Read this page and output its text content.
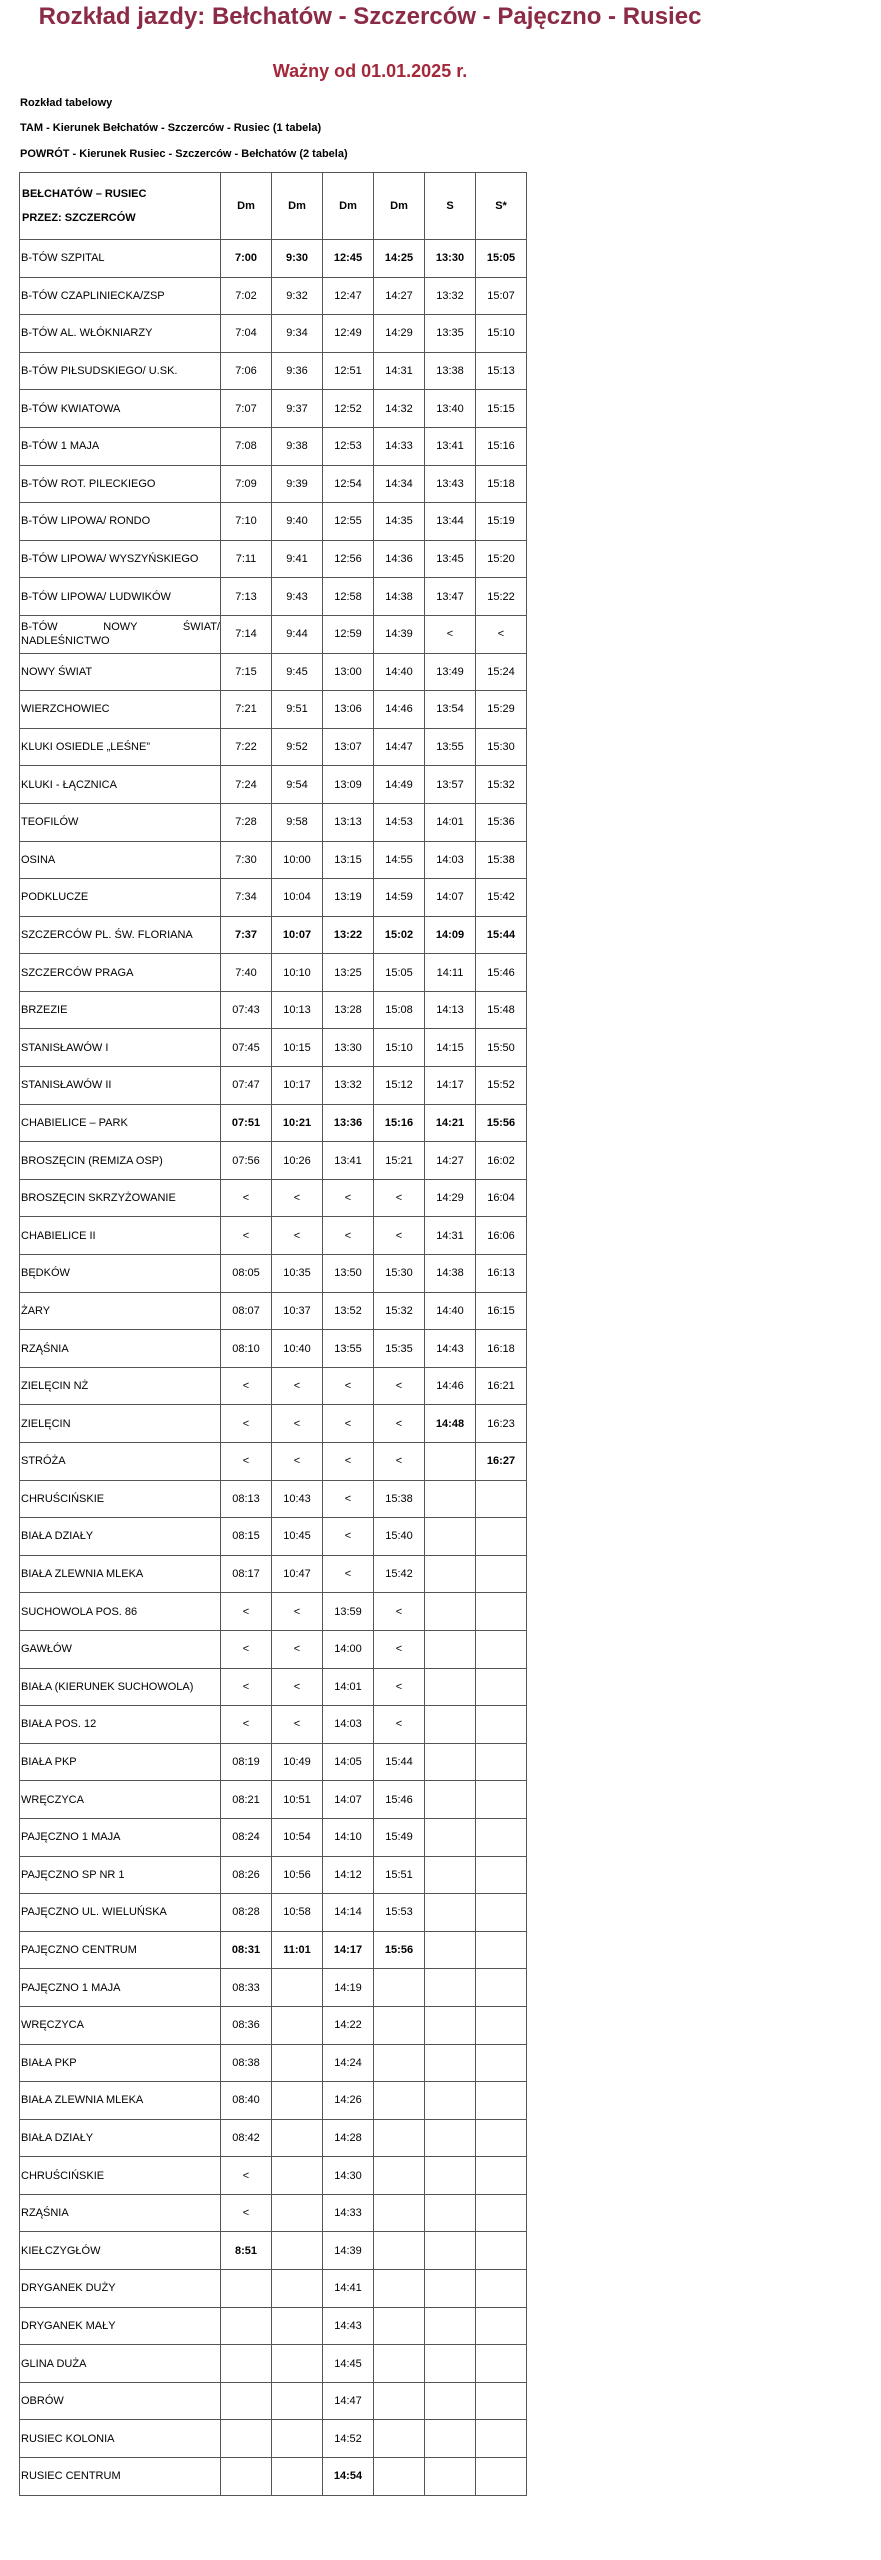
Rozkład jazdy: Bełchatów - Szczerców - Pajęczno - Rusiec
Ważny od 01.01.2025 r.
Rozkład tabelowy
TAM - Kierunek Bełchatów - Szczerców - Rusiec (1 tabela)
POWRÓT - Kierunek Rusiec - Szczerców - Bełchatów (2 tabela)
BEŁCHATÓW – RUSIEC
PRZEZ: SZCZERCÓW	Dm	Dm	Dm	Dm	S	S*
B-TÓW SZPITAL	7:00	9:30	12:45	14:25	13:30	15:05
B-TÓW CZAPLINIECKA/ZSP	7:02	9:32	12:47	14:27	13:32	15:07
B-TÓW AL. WŁÓKNIARZY	7:04	9:34	12:49	14:29	13:35	15:10
B-TÓW PIŁSUDSKIEGO/ U.SK.	7:06	9:36	12:51	14:31	13:38	15:13
B-TÓW KWIATOWA	7:07	9:37	12:52	14:32	13:40	15:15
B-TÓW 1 MAJA	7:08	9:38	12:53	14:33	13:41	15:16
B-TÓW ROT. PILECKIEGO	7:09	9:39	12:54	14:34	13:43	15:18
B-TÓW LIPOWA/ RONDO	7:10	9:40	12:55	14:35	13:44	15:19
B-TÓW LIPOWA/ WYSZYŃSKIEGO	7:11	9:41	12:56	14:36	13:45	15:20
B-TÓW LIPOWA/ LUDWIKÓW	7:13	9:43	12:58	14:38	13:47	15:22
B-TÓW NOWY ŚWIAT/ NADLEŚNICTWO	7:14	9:44	12:59	14:39	<	<
NOWY ŚWIAT	7:15	9:45	13:00	14:40	13:49	15:24
WIERZCHOWIEC	7:21	9:51	13:06	14:46	13:54	15:29
KLUKI OSIEDLE „LEŚNE”	7:22	9:52	13:07	14:47	13:55	15:30
KLUKI - ŁĄCZNICA	7:24	9:54	13:09	14:49	13:57	15:32
TEOFILÓW	7:28	9:58	13:13	14:53	14:01	15:36
OSINA	7:30	10:00	13:15	14:55	14:03	15:38
PODKLUCZE	7:34	10:04	13:19	14:59	14:07	15:42
SZCZERCÓW PL. ŚW. FLORIANA	7:37	10:07	13:22	15:02	14:09	15:44
SZCZERCÓW PRAGA	7:40	10:10	13:25	15:05	14:11	15:46
BRZEZIE	07:43	10:13	13:28	15:08	14:13	15:48
STANISŁAWÓW I	07:45	10:15	13:30	15:10	14:15	15:50
STANISŁAWÓW II	07:47	10:17	13:32	15:12	14:17	15:52
CHABIELICE – PARK	07:51	10:21	13:36	15:16	14:21	15:56
BROSZĘCIN (REMIZA OSP)	07:56	10:26	13:41	15:21	14:27	16:02
BROSZĘCIN SKRZYŻOWANIE	<	<	<	<	14:29	16:04
CHABIELICE II	<	<	<	<	14:31	16:06
BĘDKÓW	08:05	10:35	13:50	15:30	14:38	16:13
ŻARY	08:07	10:37	13:52	15:32	14:40	16:15
RZĄŚNIA	08:10	10:40	13:55	15:35	14:43	16:18
ZIELĘCIN NŻ	<	<	<	<	14:46	16:21
ZIELĘCIN	<	<	<	<	14:48	16:23
STRÓŻA	<	<	<	<		16:27
CHRUŚCIŃSKIE	08:13	10:43	<	15:38		
BIAŁA DZIAŁY	08:15	10:45	<	15:40		
BIAŁA ZLEWNIA MLEKA	08:17	10:47	<	15:42		
SUCHOWOLA POS. 86	<	<	13:59	<		
GAWŁÓW	<	<	14:00	<		
BIAŁA (KIERUNEK SUCHOWOLA)	<	<	14:01	<		
BIAŁA POS. 12	<	<	14:03	<		
BIAŁA PKP	08:19	10:49	14:05	15:44		
WRĘCZYCA	08:21	10:51	14:07	15:46		
PAJĘCZNO 1 MAJA	08:24	10:54	14:10	15:49		
PAJĘCZNO SP NR 1	08:26	10:56	14:12	15:51		
PAJĘCZNO UL. WIELUŃSKA	08:28	10:58	14:14	15:53		
PAJĘCZNO CENTRUM	08:31	11:01	14:17	15:56		
PAJĘCZNO 1 MAJA	08:33		14:19			
WRĘCZYCA	08:36		14:22			
BIAŁA PKP	08:38		14:24			
BIAŁA ZLEWNIA MLEKA	08:40		14:26			
BIAŁA DZIAŁY	08:42		14:28			
CHRUŚCIŃSKIE	<		14:30			
RZĄŚNIA	<		14:33			
KIEŁCZYGŁÓW	8:51		14:39			
DRYGANEK DUŻY			14:41			
DRYGANEK MAŁY			14:43			
GLINA DUŻA			14:45			
OBRÓW			14:47			
RUSIEC KOLONIA			14:52			
RUSIEC CENTRUM			14:54			
